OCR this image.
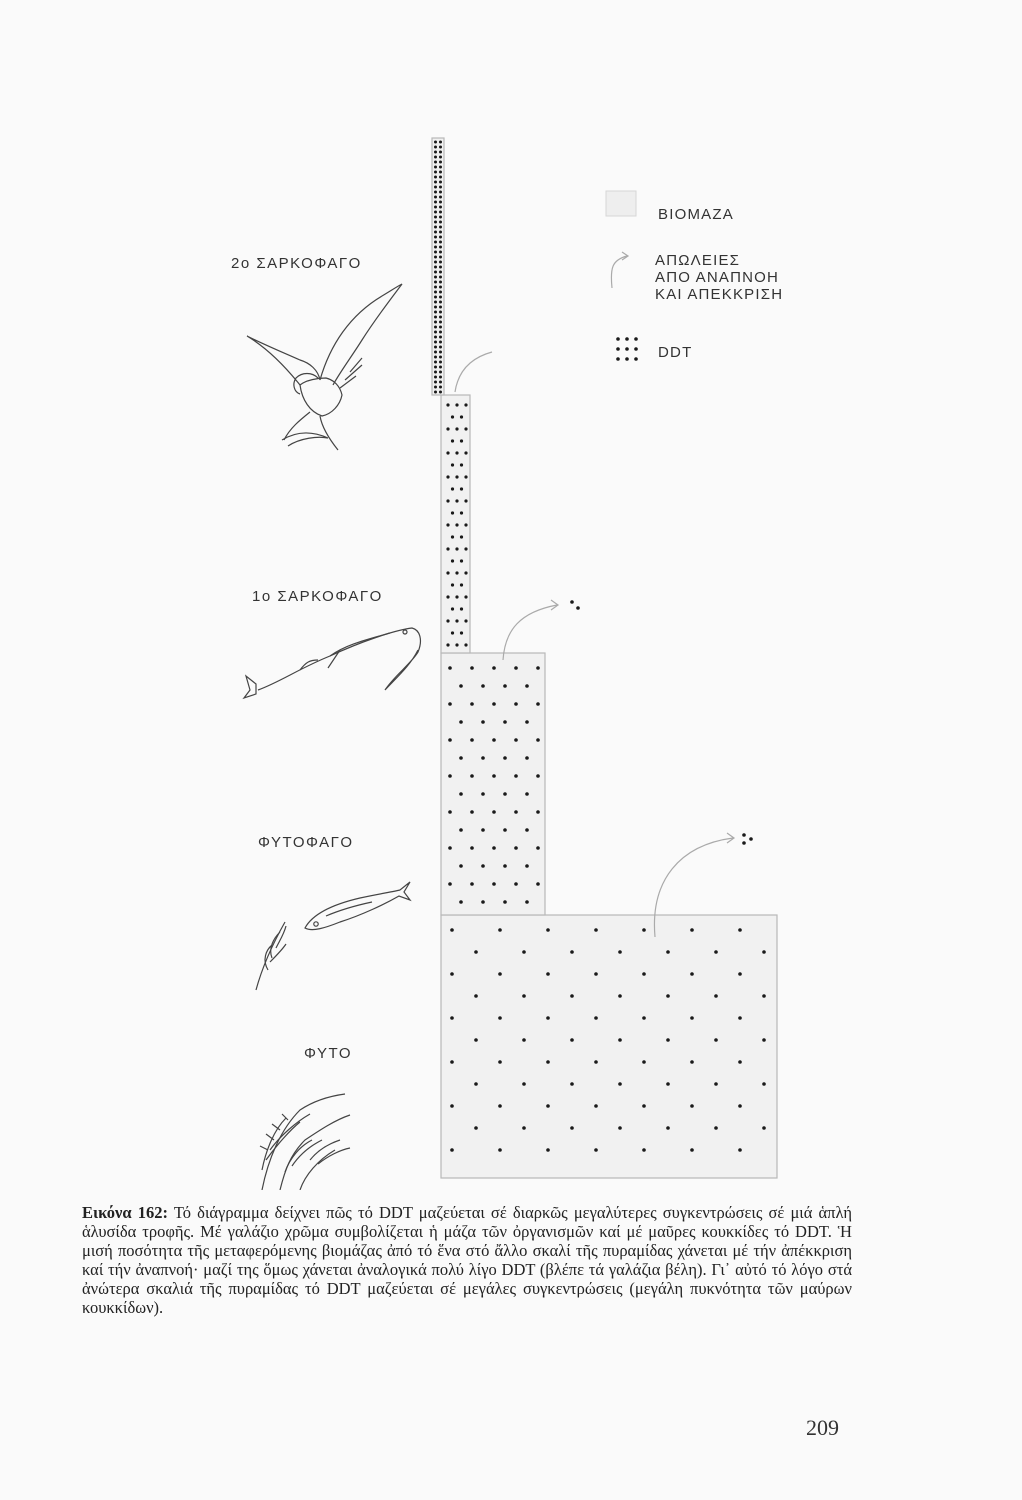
2ο ΣΑΡΚΟΦΑΓΟ
1ο ΣΑΡΚΟΦΑΓΟ
ΦΥΤΟΦΑΓΟ
ΦΥΤΟ
ΒΙΟΜΑΖΑ
ΑΠΩΛΕΙΕΣ
ΑΠΟ ΑΝΑΠΝΟΗ
ΚΑΙ ΑΠΕΚΚΡΙΣΗ
DDT
Εικόνα 162: Τό διάγραμμα δείχνει πῶς τό DDT μαζεύεται σέ διαρκῶς μεγαλύτερες συγκεντρώσεις σέ μιά ἁπλή ἁλυσίδα τροφῆς. Μέ γαλάζιο χρῶμα συμβολίζεται ἡ μάζα τῶν ὀργανισμῶν καί μέ μαῦρες κουκκίδες τό DDT. Ἡ μισή ποσότητα τῆς μεταφερόμενης βιομάζας ἀπό τό ἕνα στό ἄλλο σκαλί τῆς πυραμίδας χάνεται μέ τήν ἀπέκκριση καί τήν ἀναπνοή· μαζί της ὅμως χάνεται ἀναλογικά πολύ λίγο DDT (βλέπε τά γαλάζια βέλη). Γι᾽ αὐτό τό λόγο στά ἀνώτερα σκαλιά τῆς πυραμίδας τό DDT μαζεύεται σέ μεγάλες συγκεντρώσεις (μεγάλη πυκνότητα τῶν μαύρων κουκκίδων).
209
